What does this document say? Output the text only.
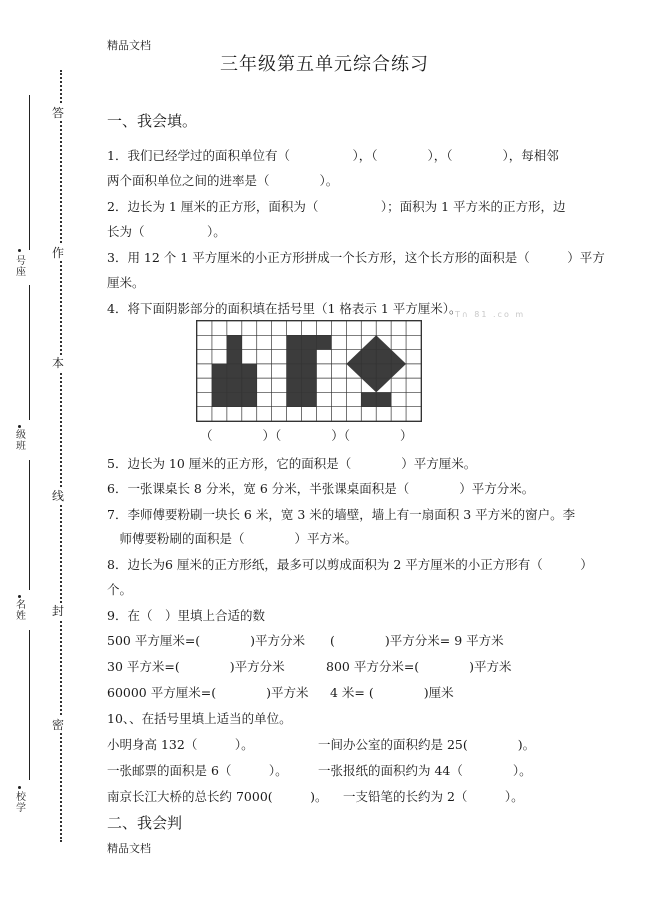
精品文档
三年级第五单元综合练习
答
作
本
线
封
密
号座
级班
名姓
校学
一、我会填。
1．我们已经学过的面积单位有（　　　　　），（　　　　），（　　　　），每相邻
两个面积单位之间的进率是（　　　　）。
2．边长为 1 厘米的正方形，面积为（　　　　　）；面积为 1 平方米的正方形，边
长为（　　　　　）。
3．用 12 个 1 平方厘米的小正方形拼成一个长方形，这个长方形的面积是（　　　）平方
厘米。
4．将下面阴影部分的面积填在括号里（1 格表示 1 平方厘米）。
T∩ 81 .co m
（　　　　）（　　　　）（　　　　）
5．边长为 10 厘米的正方形，它的面积是（　　　　）平方厘米。
6．一张课桌长 8 分米，宽 6 分米，半张课桌面积是（　　　　）平方分米。
7．李师傅要粉刷一块长 6 米，宽 3 米的墙壁，墙上有一扇面积 3 平方米的窗户。李
　师傅要粉刷的面积是（　　　　）平方米。
8．边长为6 厘米的正方形纸，最多可以剪成面积为 2 平方厘米的小正方形有（　　　）
个。
9．在（　）里填上合适的数
500 平方厘米=(　　　　)平方分米 (　　　　)平方分米= 9 平方米
30 平方米=(　　　　)平方分米	800 平方分米=(　　　　)平方米
60000 平方厘米=(　　　　)平方米 4 米= (　　　　)厘米
10、、在括号里填上适当的单位。
小明身高 132（　　　）。	一间办公室的面积约是 25(　　　　)。
一张邮票的面积是 6（　　　）。 一张报纸的面积约为 44（　　　　）。
南京长江大桥的总长约 7000(　　　)。 一支铅笔的长约为 2（　　　）。
二、我会判
精品文档
